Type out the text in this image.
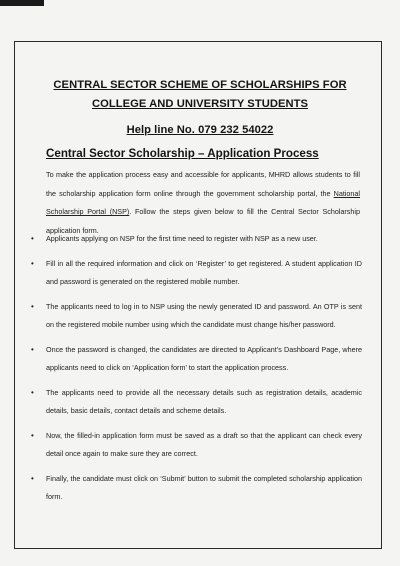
CENTRAL SECTOR SCHEME OF SCHOLARSHIPS FOR
COLLEGE AND UNIVERSITY STUDENTS
Help line No. 079 232 54022
Central Sector Scholarship – Application Process
To make the application process easy and accessible for applicants, MHRD allows students to fill the scholarship application form online through the government scholarship portal, the National Scholarship Portal (NSP). Follow the steps given below to fill the Central Sector Scholarship application form.
• Applicants applying on NSP for the first time need to register with NSP as a new user.
• Fill in all the required information and click on ‘Register’ to get registered. A student application ID and password is generated on the registered mobile number.
• The applicants need to log in to NSP using the newly generated ID and password. An OTP is sent on the registered mobile number using which the candidate must change his/her password.
• Once the password is changed, the candidates are directed to Applicant’s Dashboard Page, where applicants need to click on ‘Application form’ to start the application process.
• The applicants need to provide all the necessary details such as registration details, academic details, basic details, contact details and scheme details.
• Now, the filled-in application form must be saved as a draft so that the applicant can check every detail once again to make sure they are correct.
• Finally, the candidate must click on ‘Submit’ button to submit the completed scholarship application form.
